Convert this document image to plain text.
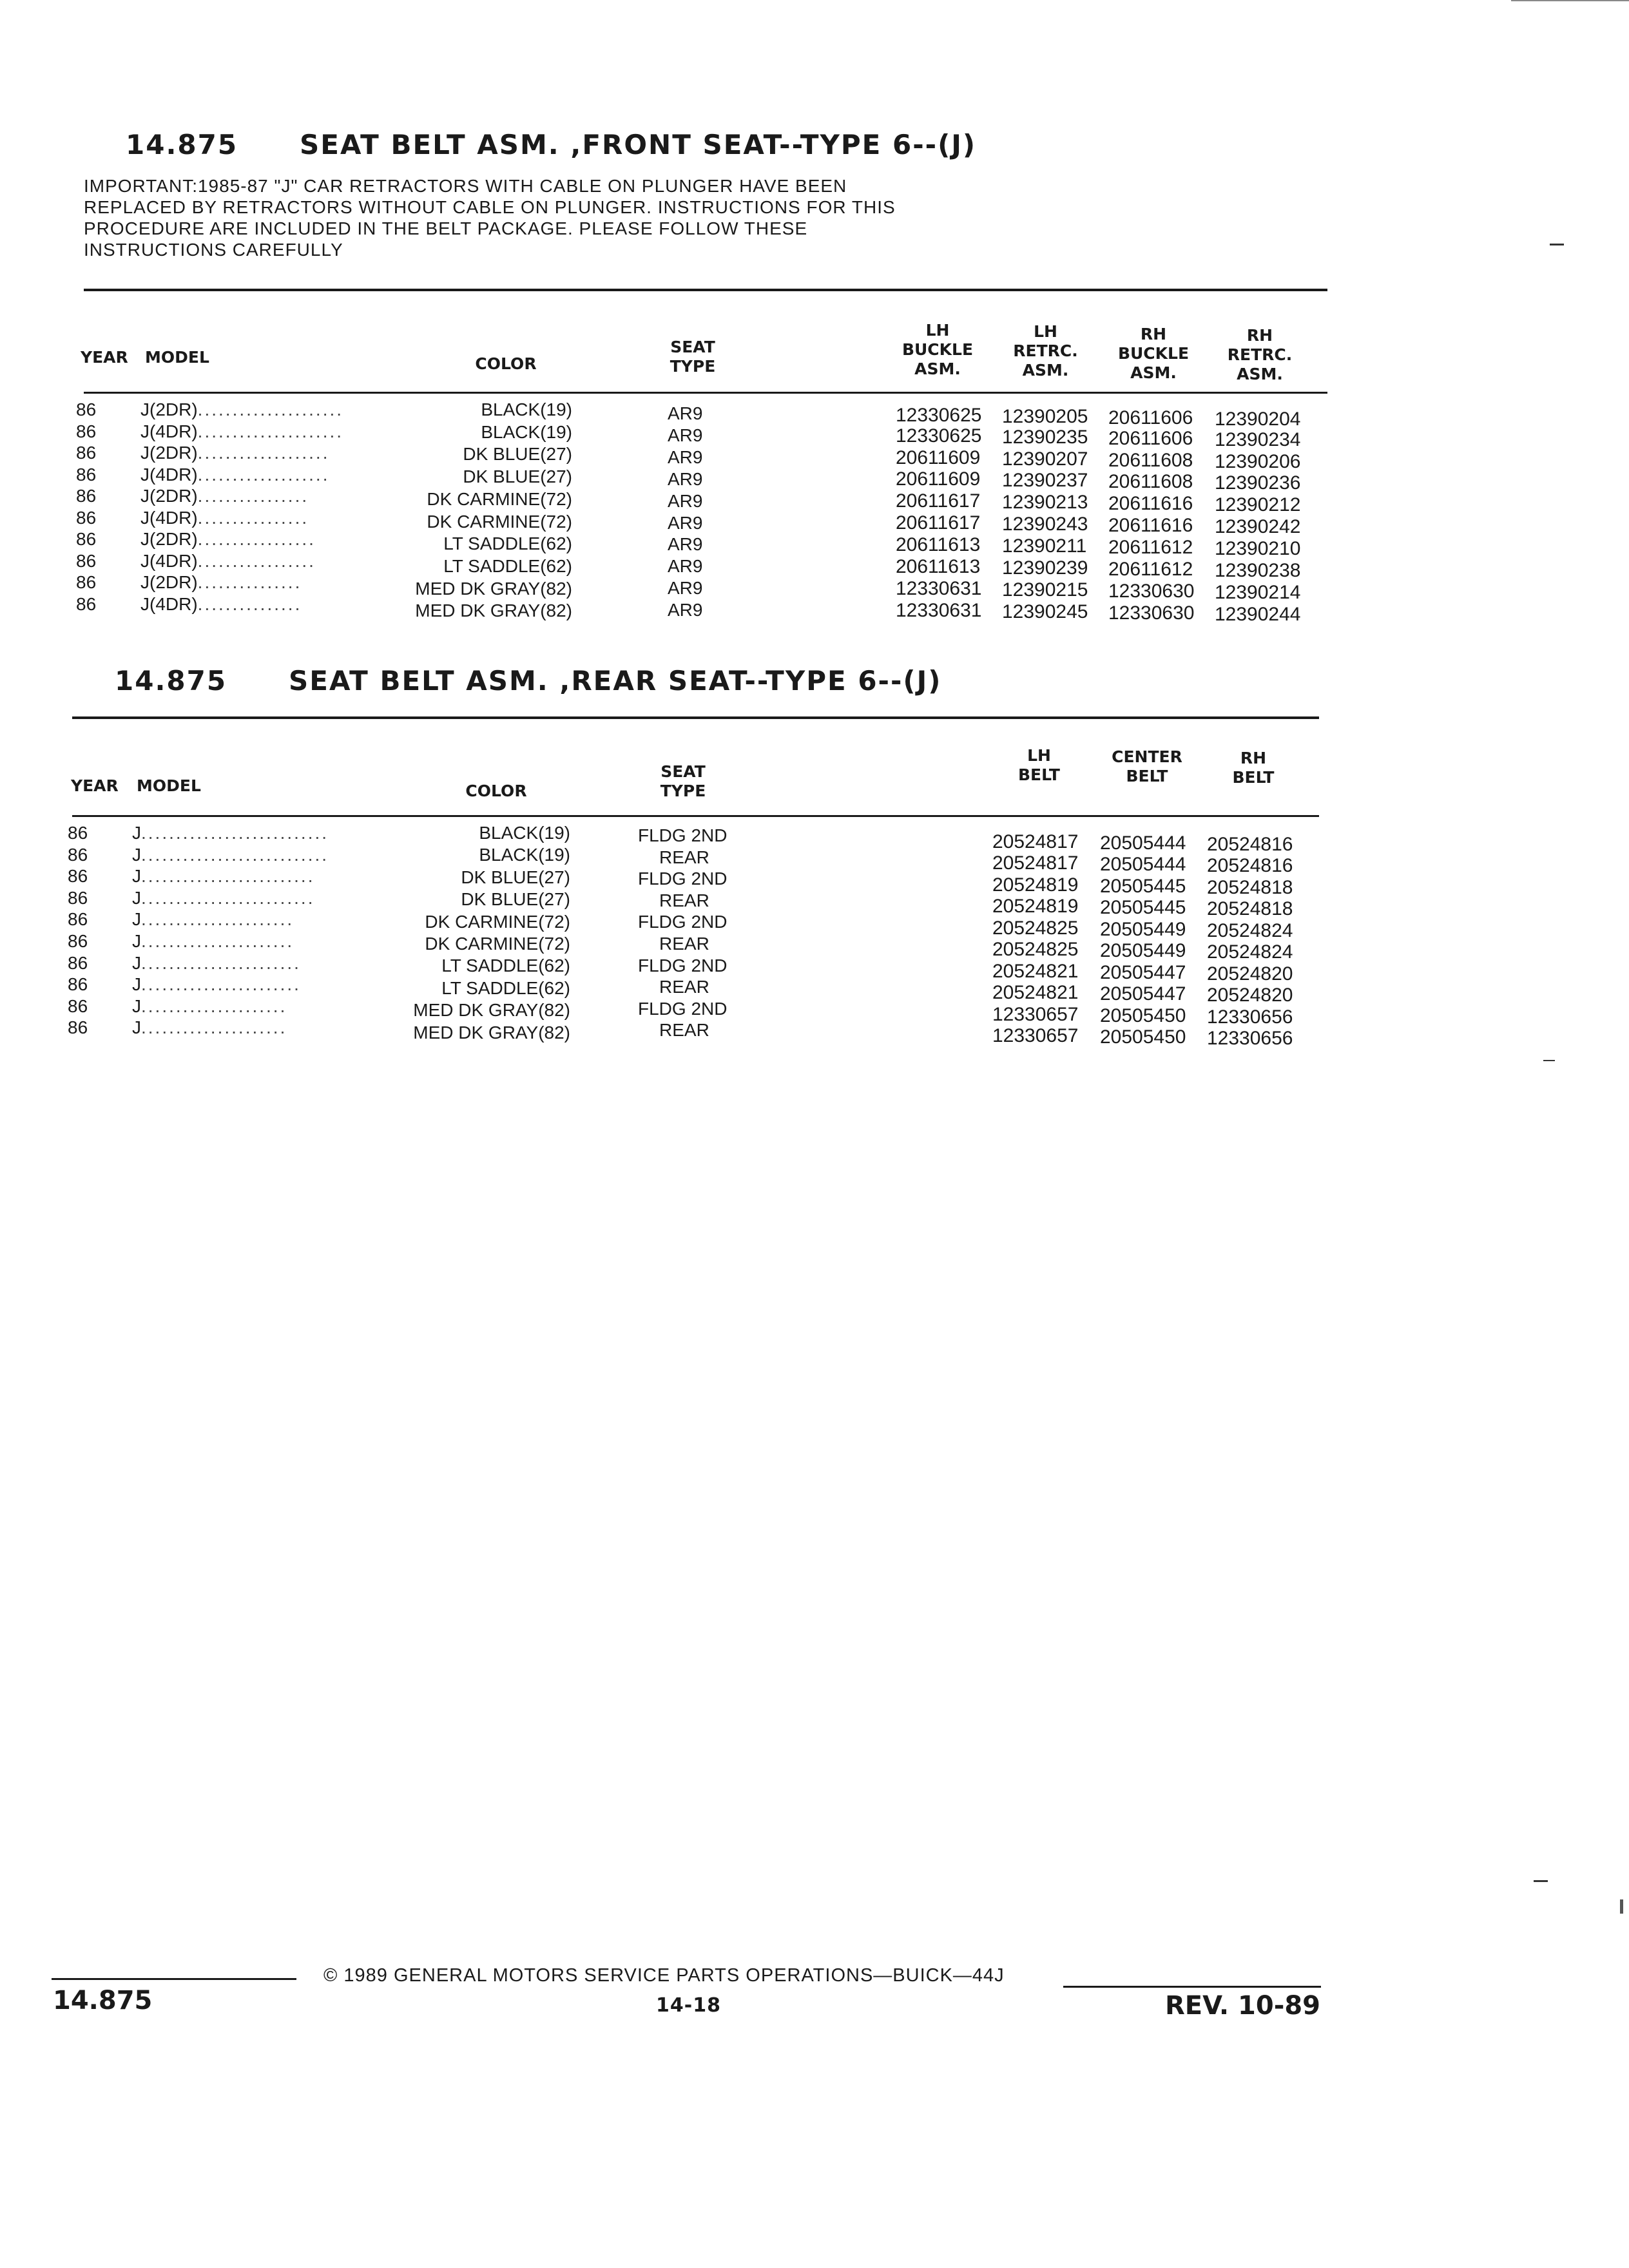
14.875 SEAT BELT ASM. ,FRONT SEAT--TYPE 6--(J)
IMPORTANT:1985-87 "J" CAR RETRACTORS WITH CABLE ON PLUNGER HAVE BEEN
REPLACED BY RETRACTORS WITHOUT CABLE ON PLUNGER. INSTRUCTIONS FOR THIS
PROCEDURE ARE INCLUDED IN THE BELT PACKAGE. PLEASE FOLLOW THESE
INSTRUCTIONS CAREFULLY
YEAR MODEL	COLOR
SEAT
TYPE
LH
BUCKLE
ASM.
LH
RETRC.
ASM.
RH
BUCKLE
ASM.
RH
RETRC.
ASM.
86 J(2DR).....................	BLACK(19)	AR9	12330625 12390205 20611606 12390204
86 J(4DR).....................	BLACK(19)	AR9	12330625 12390235 20611606 12390234
86 J(2DR)...................	DK BLUE(27)	AR9	20611609 12390207 20611608 12390206
86 J(4DR)...................	DK BLUE(27)	AR9	20611609 12390237 20611608 12390236
86 J(2DR)................	DK CARMINE(72)	AR9	20611617 12390213 20611616 12390212
86 J(4DR)................	DK CARMINE(72)	AR9	20611617 12390243 20611616 12390242
86 J(2DR).................	LT SADDLE(62)	AR9	20611613 12390211 20611612 12390210
86 J(4DR).................	LT SADDLE(62)	AR9	20611613 12390239 20611612 12390238
86 J(2DR)...............	MED DK GRAY(82)	AR9	12330631 12390215 12330630 12390214
86 J(4DR)...............	MED DK GRAY(82)	AR9	12330631 12390245 12330630 12390244
14.875 SEAT BELT ASM. ,REAR SEAT--TYPE 6--(J)
YEAR MODEL	COLOR
SEAT
TYPE
LH
BELT
CENTER
BELT
RH
BELT
86 J...........................	BLACK(19)	FLDG 2ND	20524817 20505444 20524816
86 J...........................	BLACK(19)	REAR	20524817 20505444 20524816
86 J.........................	DK BLUE(27)	FLDG 2ND	20524819 20505445 20524818
86 J.........................	DK BLUE(27)	REAR	20524819 20505445 20524818
86 J......................	DK CARMINE(72)	FLDG 2ND	20524825 20505449 20524824
86 J......................	DK CARMINE(72)	REAR	20524825 20505449 20524824
86 J.......................	LT SADDLE(62)	FLDG 2ND	20524821 20505447 20524820
86 J.......................	LT SADDLE(62)	REAR	20524821 20505447 20524820
86 J.....................	MED DK GRAY(82)	FLDG 2ND	12330657 20505450 12330656
86 J.....................	MED DK GRAY(82)	REAR	12330657 20505450 12330656
© 1989 GENERAL MOTORS SERVICE PARTS OPERATIONS—BUICK—44J
14.875	14-18	REV. 10-89
